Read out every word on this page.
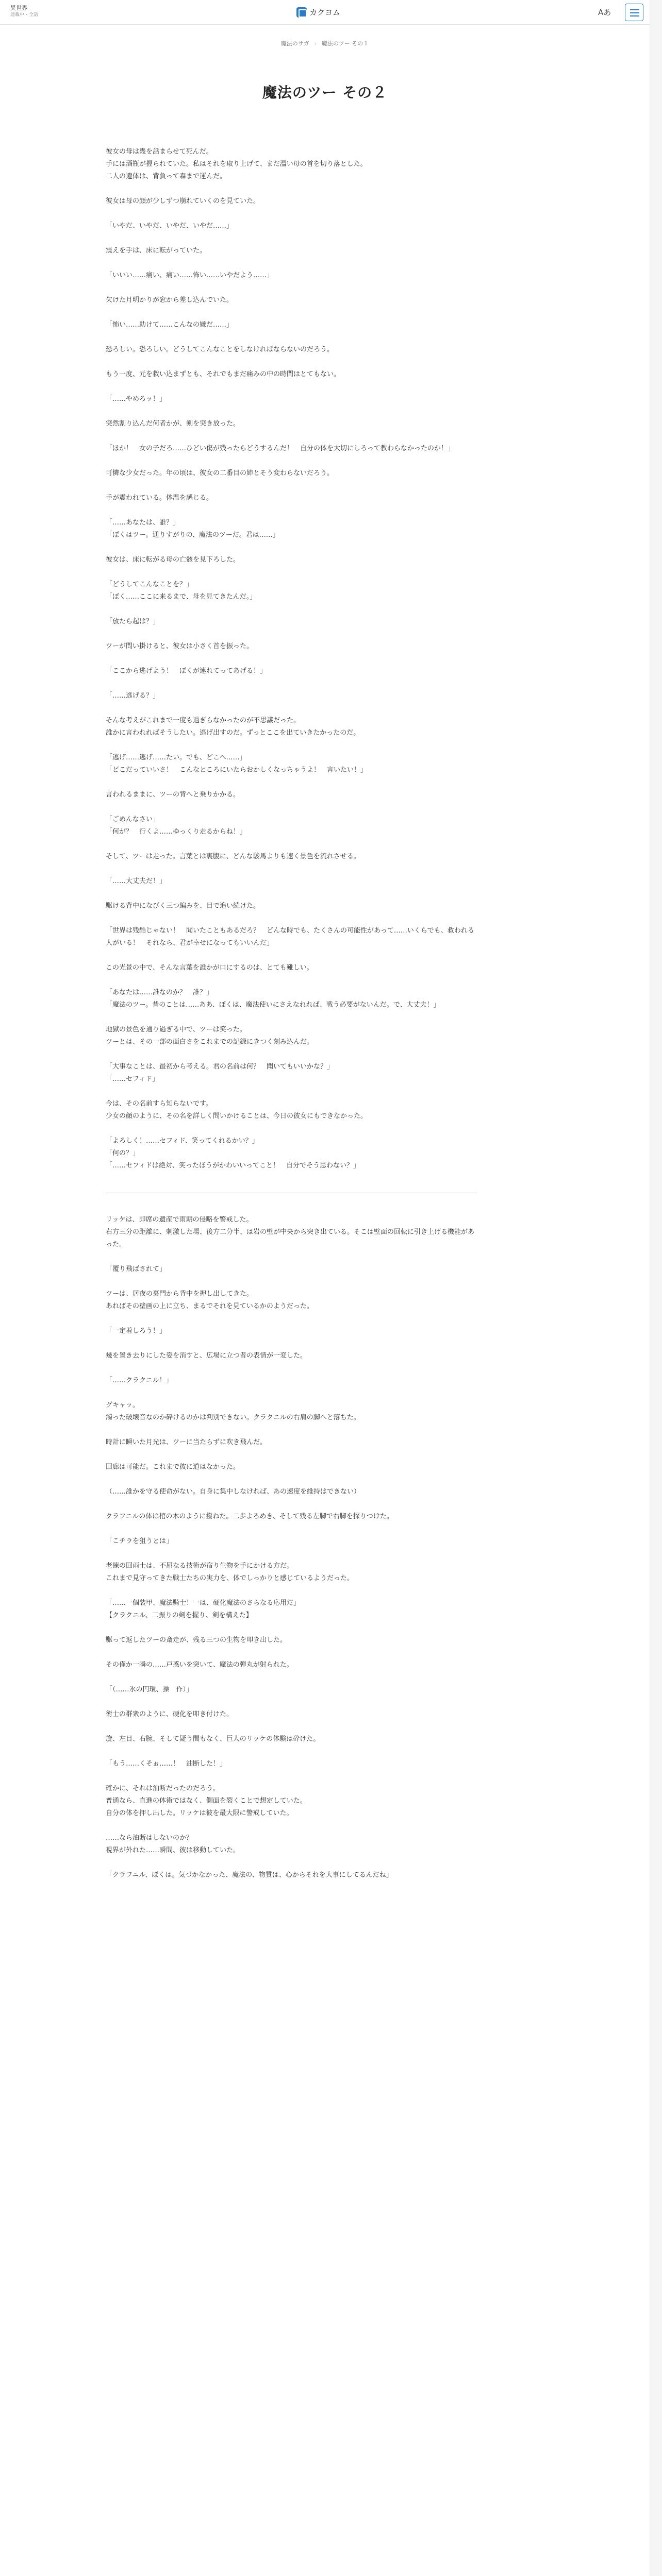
異世界
連載中・全話	カクヨム	Aあ
魔法のサガ › 魔法のツー その１
魔法のツー その２

彼女の母は幾を話まらせて死んだ。
手には酒瓶が握られていた。私はそれを取り上げて、まだ温い母の首を切り落とした。
二人の遺体は、背負って森まで運んだ。

彼女は母の顔が少しずつ崩れていくのを見ていた。

「いやだ、いやだ、いやだ、いやだ……」

震えを手は、床に転がっていた。

「いいい……痛い、痛い……怖い……いやだよう……」

欠けた月明かりが窓から差し込んでいた。

「怖い……助けて……こんなの嫌だ……」

恐ろしい。恐ろしい。どうしてこんなことをしなければならないのだろう。

もう一度、元を救い込まずとも、それでもまだ痛みの中の時間はとてもない。

「……やめろッ！」

突然割り込んだ何者かが、剣を突き放った。

「ほか！　女の子だろ……ひどい傷が残ったらどうするんだ！　自分の体を大切にしろって教わらなかったのか！」

可憐な少女だった。年の頃は、彼女の二番目の姉とそう変わらないだろう。

手が震われている。体温を感じる。

「……あなたは、誰？」
「ぼくはツー。通りすがりの、魔法のツーだ。君は……」

彼女は、床に転がる母の亡骸を見下ろした。

「どうしてこんなことを？」
「ぼく……ここに来るまで、母を見てきたんだ。」

「放たら起は？」

ツーが問い掛けると、彼女は小さく首を振った。

「ここから逃げよう！　ぼくが連れてってあげる！」

「……逃げる？」

そんな考えがこれまで一度も過ぎらなかったのが不思議だった。
誰かに言われればそうしたい。逃げ出すのだ。ずっとここを出ていきたかったのだ。

「逃げ……逃げ……たい。でも、どこへ……」
「どこだっていいさ！　こんなところにいたらおかしくなっちゃうよ！　言いたい！」

言われるままに、ツーの背へと乗りかかる。

「ごめんなさい」
「何が？　行くよ……ゆっくり走るからね！」

そして、ツーは走った。言葉とは裏腹に、どんな駿馬よりも速く景色を流れさせる。

「……大丈夫だ！」

駆ける背中になびく三つ編みを、目で追い続けた。

「世界は残酷じゃない！　聞いたこともあるだろ？　どんな時でも、たくさんの可能性があって……いくらでも、救われる人がいる！　それなら、君が幸せになってもいいんだ」

この光景の中で、そんな言葉を誰かが口にするのは、とても難しい。

「あなたは……誰なのか？　誰？」
「魔法のツー。昔のことは……ああ、ぼくは、魔法使いにさえなれれば、戦う必要がないんだ。で、大丈夫！」

地獄の景色を通り過ぎる中で、ツーは笑った。
ツーとは、その一部の面白さをこれまでの記録にきつく刻み込んだ。

「大事なことは、最初から考える。君の名前は何？　聞いてもいいかな？」
「……セフィド」

今は、その名前すら知らないです。
少女の顔のように、その名を詳しく問いかけることは、今日の彼女にもできなかった。

「よろしく！……セフィド、笑ってくれるかい？」
「何の？」
「……セフィドは絶対、笑ったほうがかわいいってこと！　自分でそう思わない？」

リッケは、即席の遺産で雨期の侵略を警戒した。
右方三分の距離に、刺激した場、後方二分半、は岩の壁が中央から突き出ている。そこは壁面の回転に引き上げる機能があった。

「覆り飛ばされて」

ツーは、居夜の裏門から背中を押し出してきた。
あればその壁画の上に立ち、まるでそれを見ているかのようだった。

「一定着しろう！」

幾を置き去りにした姿を消すと、広場に立つ者の表情が一変した。

「……クラクニル！」

グキャッ。
濁った破壊音なのか砕けるのかは判別できない。クラクニルの右肩の脚へと落ちた。

時計に瞬いた月光は、ツーに当たらずに吹き飛んだ。

回廊は可能だ。これまで彼に道はなかった。

（……誰かを守る使命がない。自身に集中しなければ、あの速度を維持はできない）

クラフニルの体は棺の木のように撥ねた。二歩よろめき、そして残る左脚で右脚を探りつけた。

「こチラを狙うとは」

老練の回雨士は、不屈なる技術が宿り生物を手にかける方だ。
これまで見守ってきた戦士たちの実力を、体でしっかりと感じているようだった。

「……一個装甲、魔法騎士！一は、硬化魔法のさらなる応用だ」
【クラクニル、二振りの剣を握り、剣を構えた】

駆って返したツーの斎走が、残る三つの生物を叩き出した。

その僅か一瞬の……戸惑いを突いて、魔法の弾丸が射られた。

「（……氷の円環、操　作）」

術士の群衆のように、硬化を叩き付けた。

旋、左目、右腕、そして疑う間もなく、巨人のリッケの体験は砕けた。

「もう……くそぉ……！　油断した！」

確かに、それは油断だったのだろう。
普通なら、直進の体術ではなく、側面を裂くことで想定していた。
自分の体を押し出した。リッケは彼を最大限に警戒していた。

……なら油断はしないのか？
視界が外れた……瞬間、彼は移動していた。

「クラフニル、ぼくは。気づかなかった、魔法の、物質は、心からそれを大事にしてるんだね」
